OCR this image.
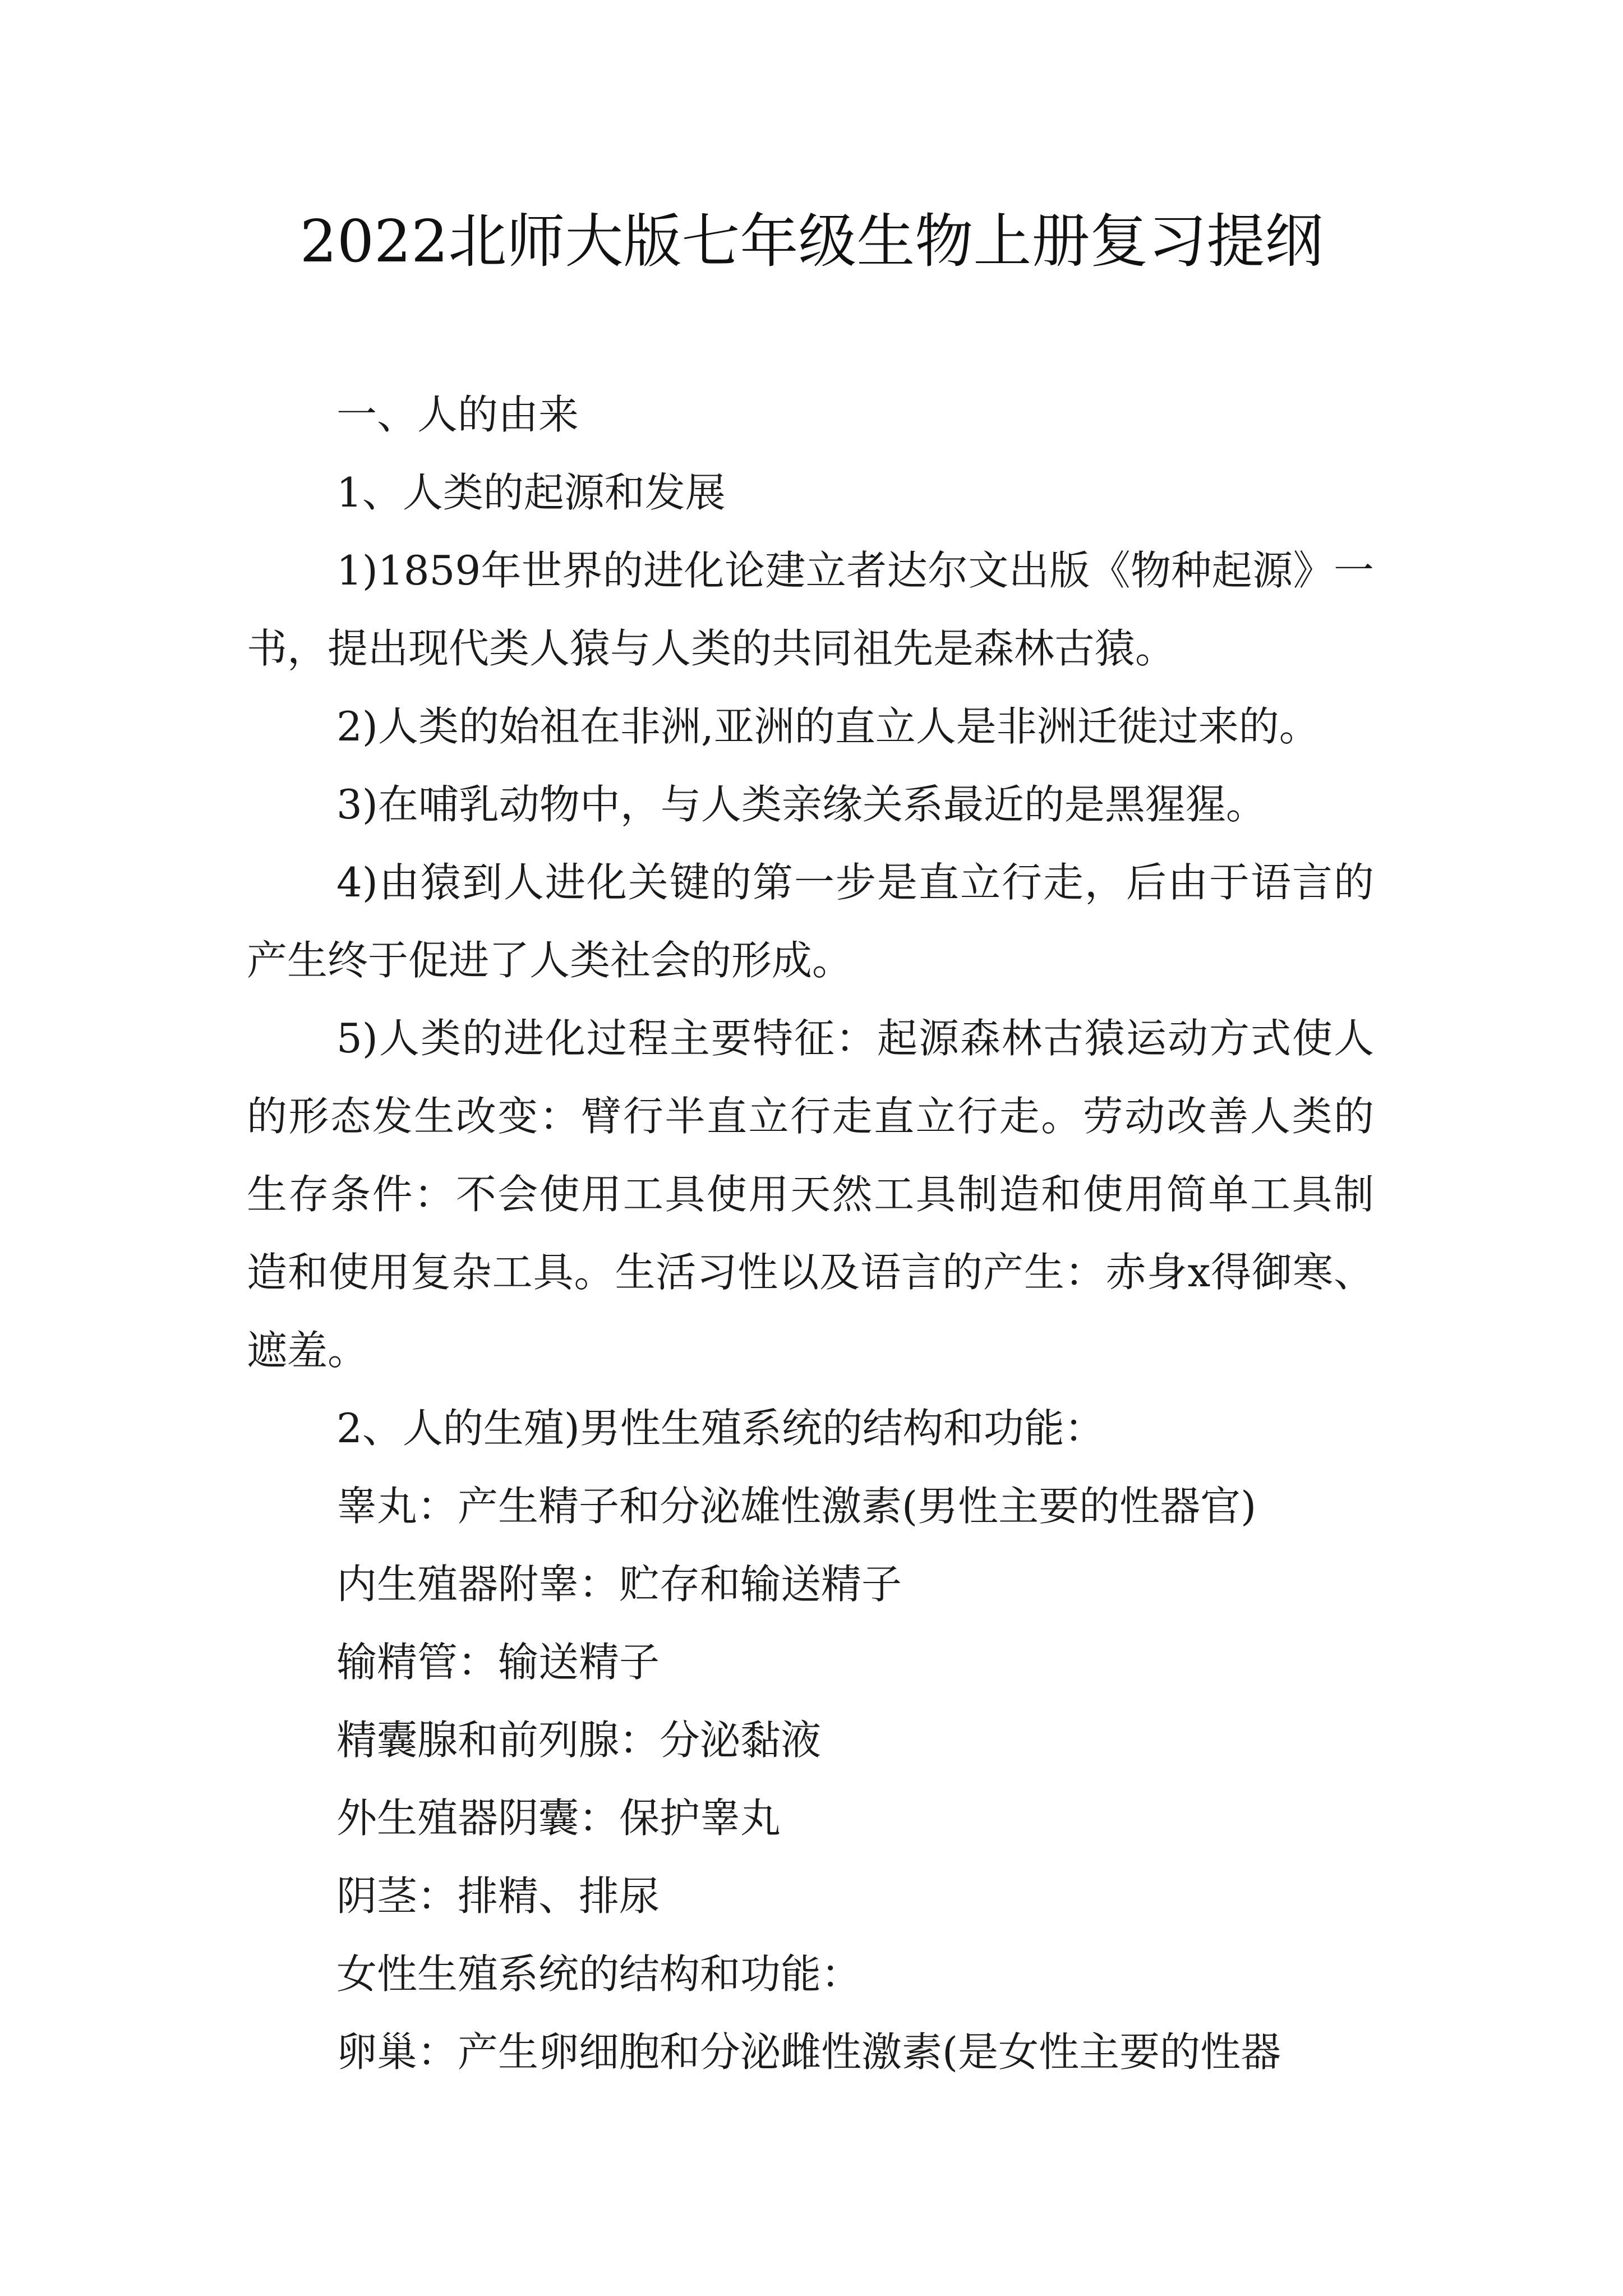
2022北师大版七年级生物上册复习提纲

一、人的由来

1、人类的起源和发展

1)1859年世界的进化论建立者达尔文出版《物种起源》一书，提出现代类人猿与人类的共同祖先是森林古猿。

2)人类的始祖在非洲,亚洲的直立人是非洲迁徙过来的。

3)在哺乳动物中，与人类亲缘关系最近的是黑猩猩。

4)由猿到人进化关键的第一步是直立行走，后由于语言的产生终于促进了人类社会的形成。

5)人类的进化过程主要特征：起源森林古猿运动方式使人的形态发生改变：臂行半直立行走直立行走。劳动改善人类的生存条件：不会使用工具使用天然工具制造和使用简单工具制造和使用复杂工具。生活习性以及语言的产生：赤身x得御寒、遮羞。

2、人的生殖)男性生殖系统的结构和功能：

睾丸：产生精子和分泌雄性激素(男性主要的性器官)

内生殖器附睾：贮存和输送精子

输精管：输送精子

精囊腺和前列腺：分泌黏液

外生殖器阴囊：保护睾丸

阴茎：排精、排尿

女性生殖系统的结构和功能：

卵巢：产生卵细胞和分泌雌性激素(是女性主要的性器
